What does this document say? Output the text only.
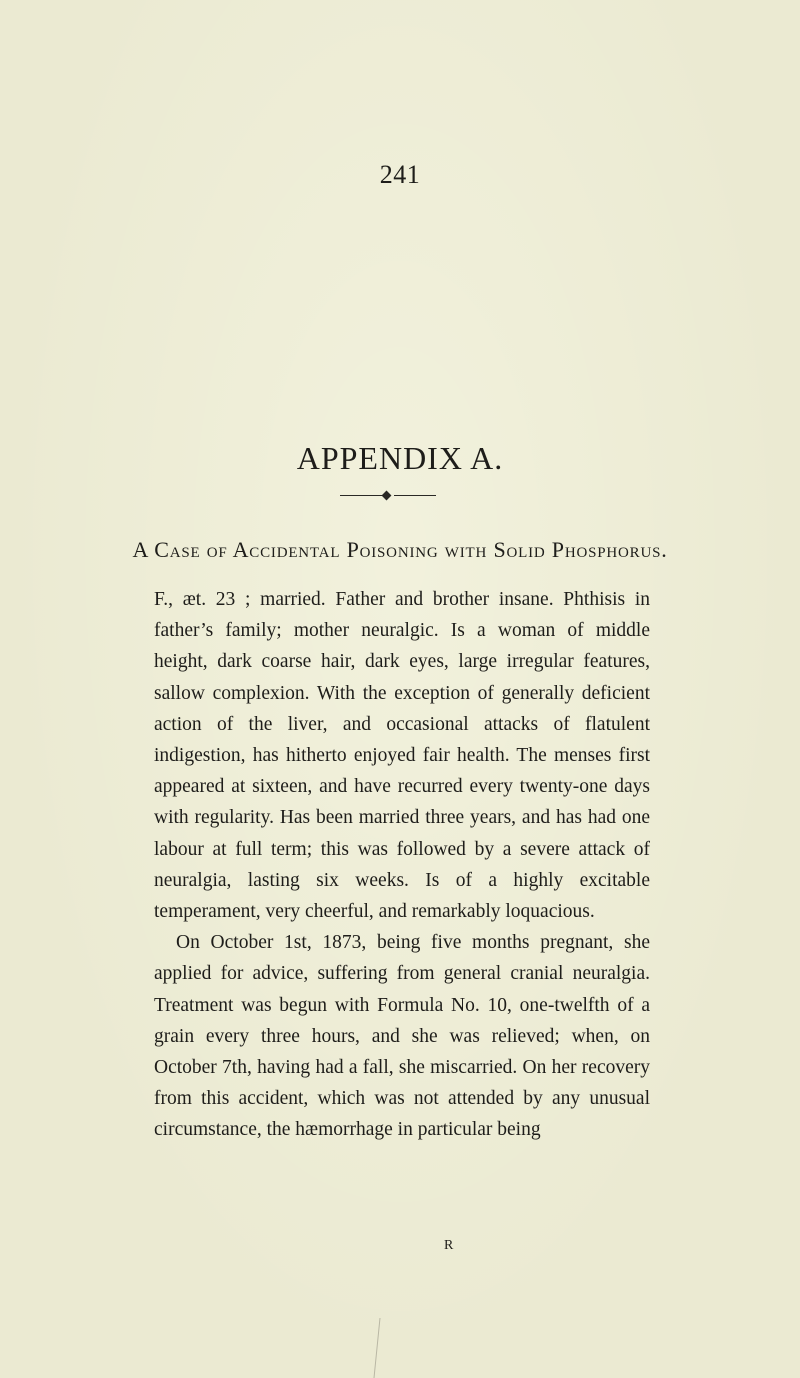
241
APPENDIX A.
A Case of Accidental Poisoning with Solid Phosphorus.

F., æt. 23 ; married. Father and brother insane. Phthisis in father’s family; mother neuralgic. Is a woman of middle height, dark coarse hair, dark eyes, large irregular features, sallow complexion. With the exception of generally deficient action of the liver, and occasional attacks of flatulent indigestion, has hitherto enjoyed fair health. The menses first appeared at sixteen, and have recurred every twenty-one days with regularity. Has been married three years, and has had one labour at full term; this was followed by a severe attack of neuralgia, lasting six weeks. Is of a highly excitable temperament, very cheerful, and remarkably loquacious.

On October 1st, 1873, being five months pregnant, she applied for advice, suffering from general cranial neuralgia. Treatment was begun with Formula No. 10, one-twelfth of a grain every three hours, and she was relieved; when, on October 7th, having had a fall, she miscarried. On her recovery from this accident, which was not attended by any unusual circumstance, the hæmorrhage in particular being

R
